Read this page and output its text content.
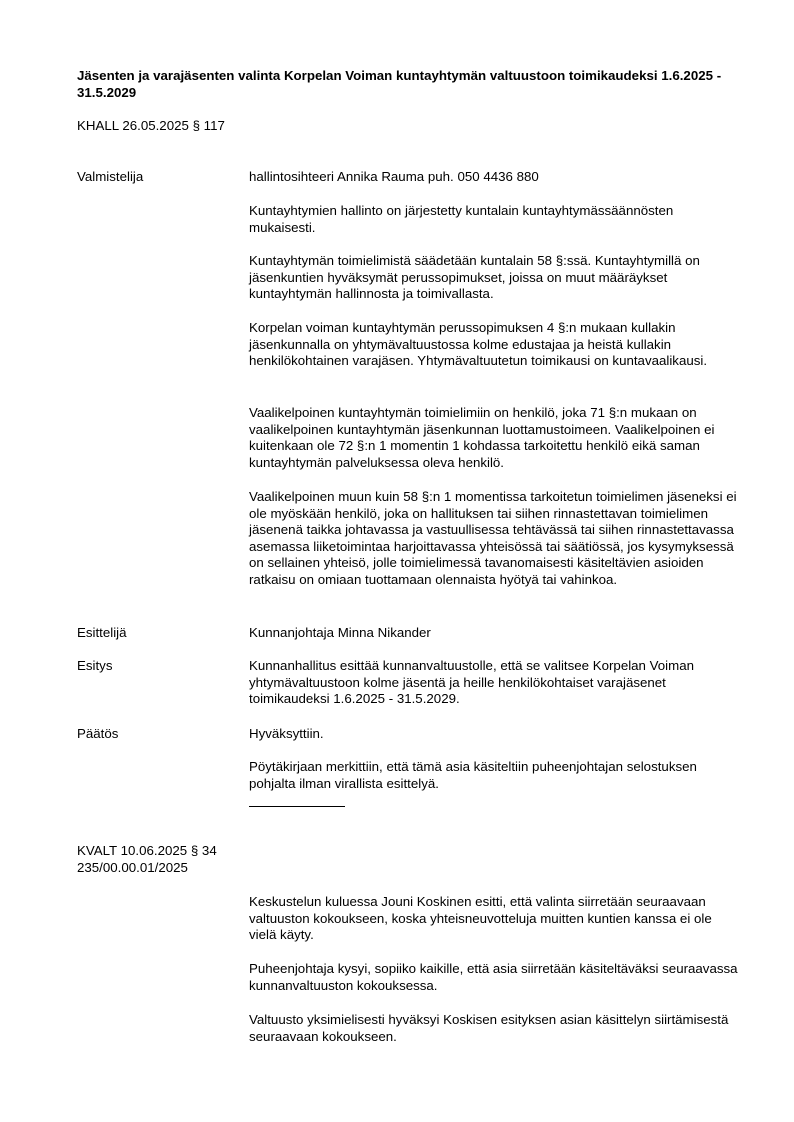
Jäsenten ja varajäsenten valinta Korpelan Voiman kuntayhtymän valtuustoon toimikaudeksi 1.6.2025 - 31.5.2029
KHALL 26.05.2025 § 117
Valmistelija	hallintosihteeri Annika Rauma puh. 050 4436 880

Kuntayhtymien hallinto on järjestetty kuntalain kuntayhtymässäännösten mukaisesti.

Kuntayhtymän toimielimistä säädetään kuntalain 58 §:ssä. Kuntayhtymillä on jäsenkuntien hyväksymät perussopimukset, joissa on muut määräykset kuntayhtymän hallinnosta ja toimivallasta.

Korpelan voiman kuntayhtymän perussopimuksen 4 §:n mukaan kullakin jäsenkunnalla on yhtymävaltuustossa kolme edustajaa ja heistä kullakin henkilökohtainen varajäsen. Yhtymävaltuutetun toimikausi on kuntavaalikausi.

Vaalikelpoinen kuntayhtymän toimielimiin on henkilö, joka 71 §:n mukaan on vaalikelpoinen kuntayhtymän jäsenkunnan luottamustoimeen. Vaalikelpoinen ei kuitenkaan ole 72 §:n 1 momentin 1 kohdassa tarkoitettu henkilö eikä saman kuntayhtymän palveluksessa oleva henkilö.

Vaalikelpoinen muun kuin 58 §:n 1 momentissa tarkoitetun toimielimen jäseneksi ei ole myöskään henkilö, joka on hallituksen tai siihen rinnastettavan toimielimen jäsenenä taikka johtavassa ja vastuullisessa tehtävässä tai siihen rinnastettavassa asemassa liiketoimintaa harjoittavassa yhteisössä tai säätiössä, jos kysymyksessä on sellainen yhteisö, jolle toimielimessä tavanomaisesti käsiteltävien asioiden ratkaisu on omiaan tuottamaan olennaista hyötyä tai vahinkoa.

Esittelijä	Kunnanjohtaja Minna Nikander

Esitys	Kunnanhallitus esittää kunnanvaltuustolle, että se valitsee Korpelan Voiman yhtymävaltuustoon kolme jäsentä ja heille henkilökohtaiset varajäsenet toimikaudeksi 1.6.2025 - 31.5.2029.

Päätös	Hyväksyttiin.

Pöytäkirjaan merkittiin, että tämä asia käsiteltiin puheenjohtajan selostuksen pohjalta ilman virallista esittelyä.

KVALT 10.06.2025 § 34
235/00.00.01/2025

Keskustelun kuluessa Jouni Koskinen esitti, että valinta siirretään seuraavaan valtuuston kokoukseen, koska yhteisneuvotteluja muitten kuntien kanssa ei ole vielä käyty.

Puheenjohtaja kysyi, sopiiko kaikille, että asia siirretään käsiteltäväksi seuraavassa kunnanvaltuuston kokouksessa.

Valtuusto yksimielisesti hyväksyi Koskisen esityksen asian käsittelyn siirtämisestä seuraavaan kokoukseen.
